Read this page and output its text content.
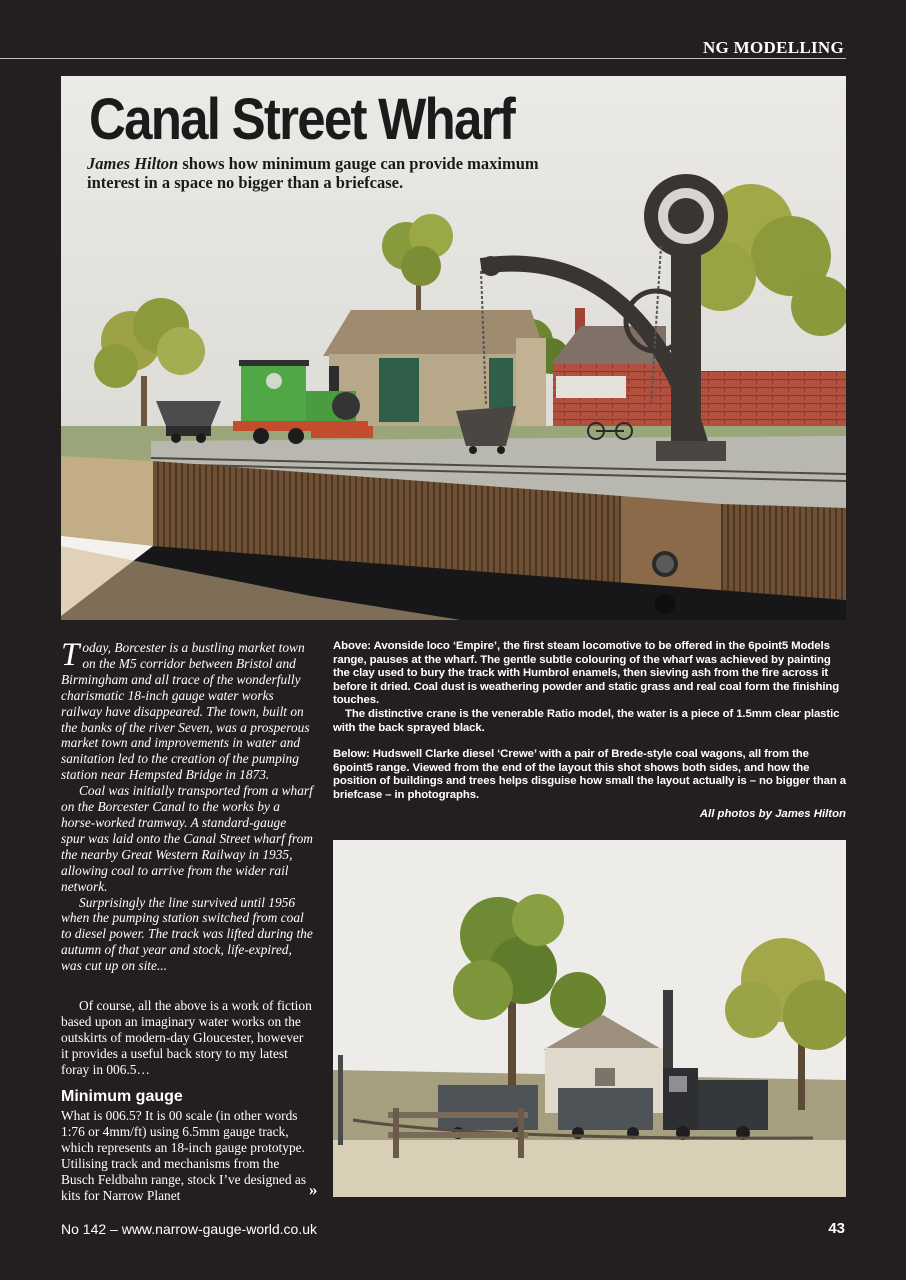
NG MODELLING
Canal Street Wharf

James Hilton shows how minimum gauge can provide maximum interest in a space no bigger than a briefcase.

Today, Borcester is a bustling market town on the M5 corridor between Bristol and Birmingham and all trace of the wonderfully charismatic 18-inch gauge water works railway have disappeared. The town, built on the banks of the river Seven, was a prosperous market town and improvements in water and sanitation led to the creation of the pumping station near Hempsted Bridge in 1873.

Coal was initially transported from a wharf on the Borcester Canal to the works by a horse-worked tramway. A standard-gauge spur was laid onto the Canal Street wharf from the nearby Great Western Railway in 1935, allowing coal to arrive from the wider rail network.

Surprisingly the line survived until 1956 when the pumping station switched from coal to diesel power. The track was lifted during the autumn of that year and stock, life-expired, was cut up on site...

Of course, all the above is a work of fiction based upon an imaginary water works on the outskirts of modern-day Gloucester, however it provides a useful back story to my latest foray in 006.5…

Minimum gauge

What is 006.5? It is 00 scale (in other words 1:76 or 4mm/ft) using 6.5mm gauge track, which represents an 18-inch gauge prototype. Utilising track and mechanisms from the Busch Feldbahn range, stock I’ve designed as kits for Narrow Planet	»

Above: Avonside loco ‘Empire’, the first steam locomotive to be offered in the 6point5 Models range, pauses at the wharf. The gentle subtle colouring of the wharf was achieved by painting the clay used to bury the track with Humbrol enamels, then sieving ash from the fire across it before it dried. Coal dust is weathering powder and static grass and real coal form the finishing touches.

The distinctive crane is the venerable Ratio model, the water is a piece of 1.5mm clear plastic with the back sprayed black.

Below: Hudswell Clarke diesel ‘Crewe’ with a pair of Brede-style coal wagons, all from the 6point5 range. Viewed from the end of the layout this shot shows both sides, and how the position of buildings and trees helps disguise how small the layout actually is – no bigger than a briefcase – in photographs.

All photos by James Hilton
No 142 – www.narrow-gauge-world.co.uk	43
